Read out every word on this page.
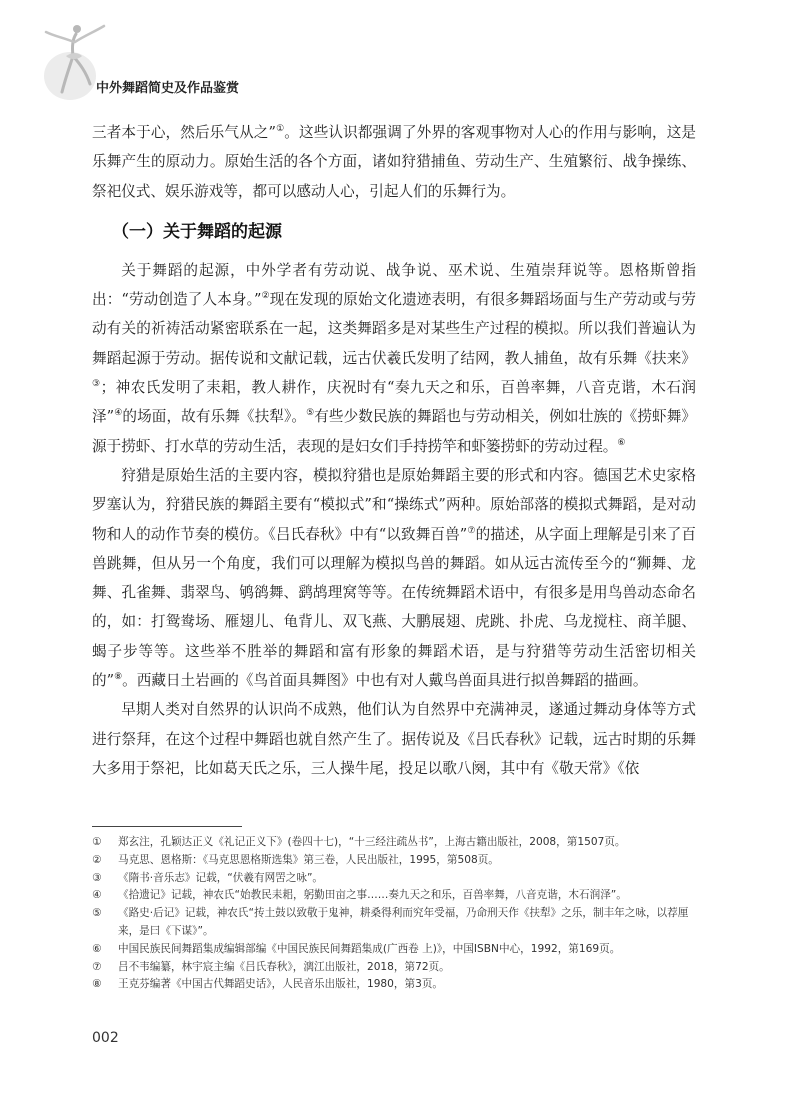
中外舞蹈简史及作品鉴赏

三者本于心，然后乐气从之”①。这些认识都强调了外界的客观事物对人心的作用与影响，这是乐舞产生的原动力。原始生活的各个方面，诸如狩猎捕鱼、劳动生产、生殖繁衍、战争操练、祭祀仪式、娱乐游戏等，都可以感动人心，引起人们的乐舞行为。

（一）关于舞蹈的起源

关于舞蹈的起源，中外学者有劳动说、战争说、巫术说、生殖崇拜说等。恩格斯曾指出：“劳动创造了人本身。”②现在发现的原始文化遗迹表明，有很多舞蹈场面与生产劳动或与劳动有关的祈祷活动紧密联系在一起，这类舞蹈多是对某些生产过程的模拟。所以我们普遍认为舞蹈起源于劳动。据传说和文献记载，远古伏羲氏发明了结网，教人捕鱼，故有乐舞《扶来》③；神农氏发明了耒耜，教人耕作，庆祝时有“奏九天之和乐，百兽率舞，八音克谐，木石润泽”④的场面，故有乐舞《扶犁》。⑤有些少数民族的舞蹈也与劳动相关，例如壮族的《捞虾舞》源于捞虾、打水草的劳动生活，表现的是妇女们手持捞竿和虾篓捞虾的劳动过程。⑥

狩猎是原始生活的主要内容，模拟狩猎也是原始舞蹈主要的形式和内容。德国艺术史家格罗塞认为，狩猎民族的舞蹈主要有“模拟式”和“操练式”两种。原始部落的模拟式舞蹈，是对动物和人的动作节奏的模仿。《吕氏春秋》中有“以致舞百兽”⑦的描述，从字面上理解是引来了百兽跳舞，但从另一个角度，我们可以理解为模拟鸟兽的舞蹈。如从远古流传至今的“狮舞、龙舞、孔雀舞、翡翠鸟、鸲鹆舞、鹞鸪理窝等等。在传统舞蹈术语中，有很多是用鸟兽动态命名的，如：打鸳鸯场、雁翅儿、龟背儿、双飞燕、大鹏展翅、虎跳、扑虎、乌龙搅柱、商羊腿、蝎子步等等。这些举不胜举的舞蹈和富有形象的舞蹈术语，是与狩猎等劳动生活密切相关的”⑧。西藏日土岩画的《鸟首面具舞图》中也有对人戴鸟兽面具进行拟兽舞蹈的描画。

早期人类对自然界的认识尚不成熟，他们认为自然界中充满神灵，遂通过舞动身体等方式进行祭拜，在这个过程中舞蹈也就自然产生了。据传说及《吕氏春秋》记载，远古时期的乐舞大多用于祭祀，比如葛天氏之乐，三人操牛尾，投足以歌八阕，其中有《敬天常》《依

①	郑玄注，孔颖达正义《礼记正义下》(卷四十七)，“十三经注疏丛书”，上海古籍出版社，2008，第1507页。
②	马克思、恩格斯：《马克思恩格斯选集》第三卷，人民出版社，1995，第508页。
③	《隋书·音乐志》记载，“伏羲有网罟之咏”。
④	《拾遗记》记载，神农氏“始教民耒耜，躬勤田亩之事……奏九天之和乐，百兽率舞，八音克谐，木石润泽”。
⑤	《路史·后记》记载，神农氏“抟土鼓以致敬于鬼神，耕桑得利而究年受福，乃命刑天作《扶犁》之乐，制丰年之咏，以荐厘来，是曰《下谋》”。
⑥	中国民族民间舞蹈集成编辑部编《中国民族民间舞蹈集成(广西卷 上)》，中国ISBN中心，1992，第169页。
⑦	吕不韦编纂，林宇宸主编《吕氏春秋》，漓江出版社，2018，第72页。
⑧	王克芬编著《中国古代舞蹈史话》，人民音乐出版社，1980，第3页。
002
